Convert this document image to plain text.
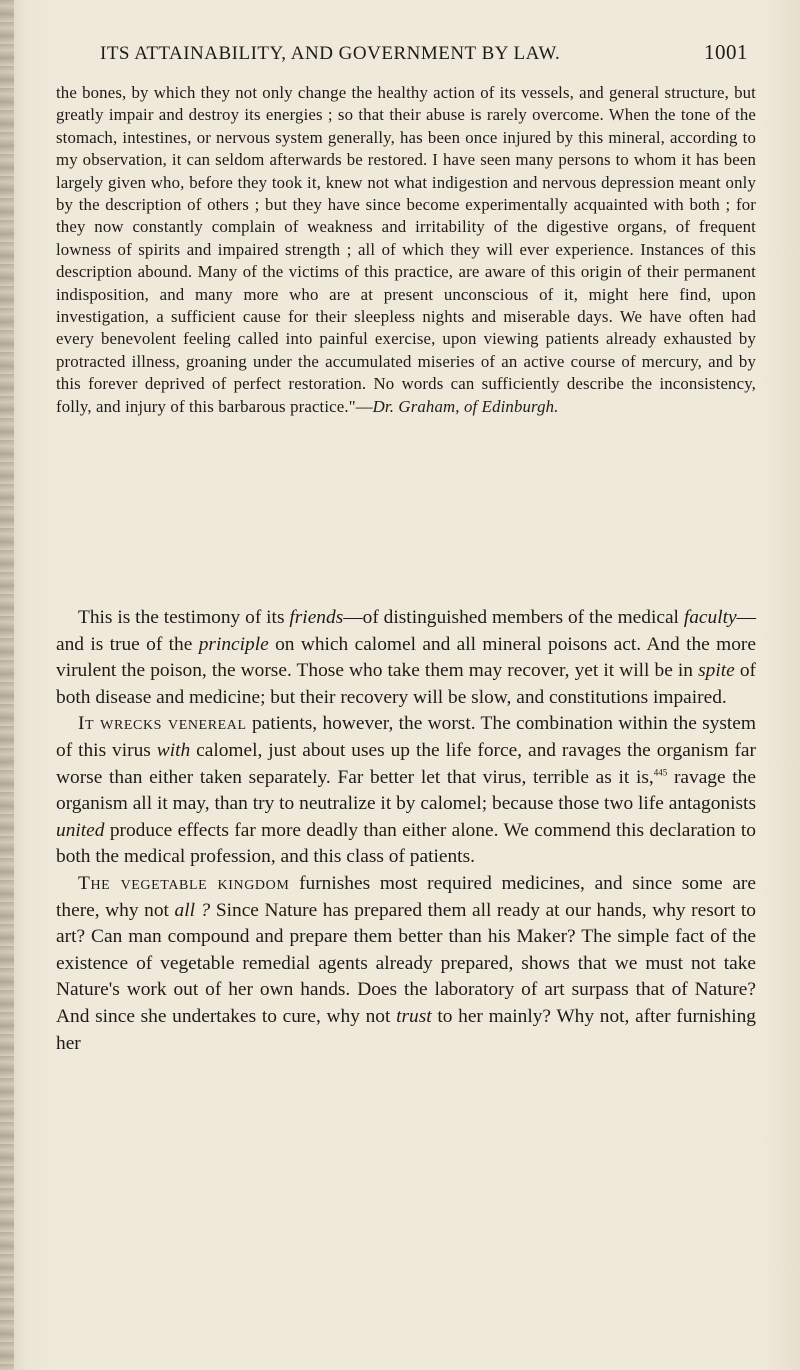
ITS ATTAINABILITY, AND GOVERNMENT BY LAW.	1001

the bones, by which they not only change the healthy action of its vessels, and general structure, but greatly impair and destroy its energies ; so that their abuse is rarely overcome. When the tone of the stomach, intestines, or nervous system generally, has been once injured by this mineral, according to my observation, it can seldom afterwards be restored. I have seen many persons to whom it has been largely given who, before they took it, knew not what indigestion and nervous depression meant only by the description of others ; but they have since become experimentally acquainted with both ; for they now constantly complain of weakness and irritability of the digestive organs, of frequent lowness of spirits and impaired strength ; all of which they will ever experience. Instances of this description abound. Many of the victims of this practice, are aware of this origin of their permanent indisposition, and many more who are at present unconscious of it, might here find, upon investigation, a sufficient cause for their sleepless nights and miserable days. We have often had every benevolent feeling called into painful exercise, upon viewing patients already exhausted by protracted illness, groaning under the accumulated miseries of an active course of mercury, and by this forever deprived of perfect restoration. No words can sufficiently describe the inconsistency, folly, and injury of this barbarous practice."—Dr. Graham, of Edinburgh.

This is the testimony of its friends—of distinguished members of the medical faculty—and is true of the principle on which calomel and all mineral poisons act. And the more virulent the poison, the worse. Those who take them may recover, yet it will be in spite of both disease and medicine; but their recovery will be slow, and constitutions impaired.

It wrecks venereal patients, however, the worst. The combination within the system of this virus with calomel, just about uses up the life force, and ravages the organism far worse than either taken separately. Far better let that virus, terrible as it is,$^{445}$ ravage the organism all it may, than try to neutralize it by calomel; because those two life antagonists united produce effects far more deadly than either alone. We commend this declaration to both the medical profession, and this class of patients.

The vegetable kingdom furnishes most required medicines, and since some are there, why not all ? Since Nature has prepared them all ready at our hands, why resort to art? Can man compound and prepare them better than his Maker? The simple fact of the existence of vegetable remedial agents already prepared, shows that we must not take Nature's work out of her own hands. Does the laboratory of art surpass that of Nature? And since she undertakes to cure, why not trust to her mainly? Why not, after furnishing her
